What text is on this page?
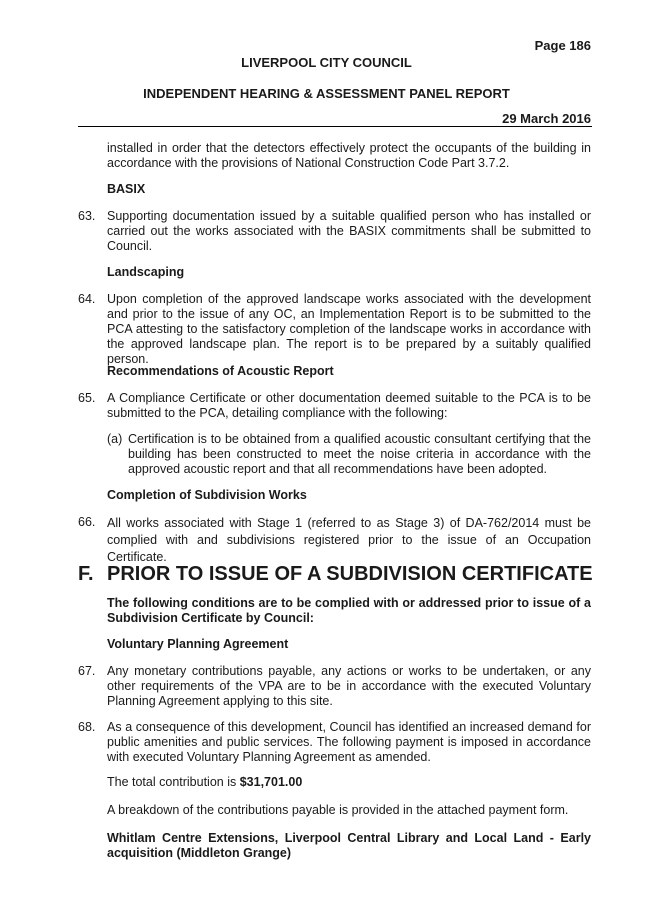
Page 186
LIVERPOOL CITY COUNCIL
INDEPENDENT HEARING & ASSESSMENT PANEL REPORT
29 March 2016

installed in order that the detectors effectively protect the occupants of the building in accordance with the provisions of National Construction Code Part 3.7.2.

BASIX
63. Supporting documentation issued by a suitable qualified person who has installed or carried out the works associated with the BASIX commitments shall be submitted to Council.

Landscaping
64. Upon completion of the approved landscape works associated with the development and prior to the issue of any OC, an Implementation Report is to be submitted to the PCA attesting to the satisfactory completion of the landscape works in accordance with the approved landscape plan. The report is to be prepared by a suitably qualified person.

Recommendations of Acoustic Report
65. A Compliance Certificate or other documentation deemed suitable to the PCA is to be submitted to the PCA, detailing compliance with the following:

(a) Certification is to be obtained from a qualified acoustic consultant certifying that the building has been constructed to meet the noise criteria in accordance with the approved acoustic report and that all recommendations have been adopted.

Completion of Subdivision Works
66. All works associated with Stage 1 (referred to as Stage 3) of DA-762/2014 must be complied with and subdivisions registered prior to the issue of an Occupation Certificate.

F. PRIOR TO ISSUE OF A SUBDIVISION CERTIFICATE

The following conditions are to be complied with or addressed prior to issue of a Subdivision Certificate by Council:

Voluntary Planning Agreement
67. Any monetary contributions payable, any actions or works to be undertaken, or any other requirements of the VPA are to be in accordance with the executed Voluntary Planning Agreement applying to this site.

68. As a consequence of this development, Council has identified an increased demand for public amenities and public services. The following payment is imposed in accordance with executed Voluntary Planning Agreement as amended.

The total contribution is $31,701.00

A breakdown of the contributions payable is provided in the attached payment form.

Whitlam Centre Extensions, Liverpool Central Library and Local Land - Early acquisition (Middleton Grange)
